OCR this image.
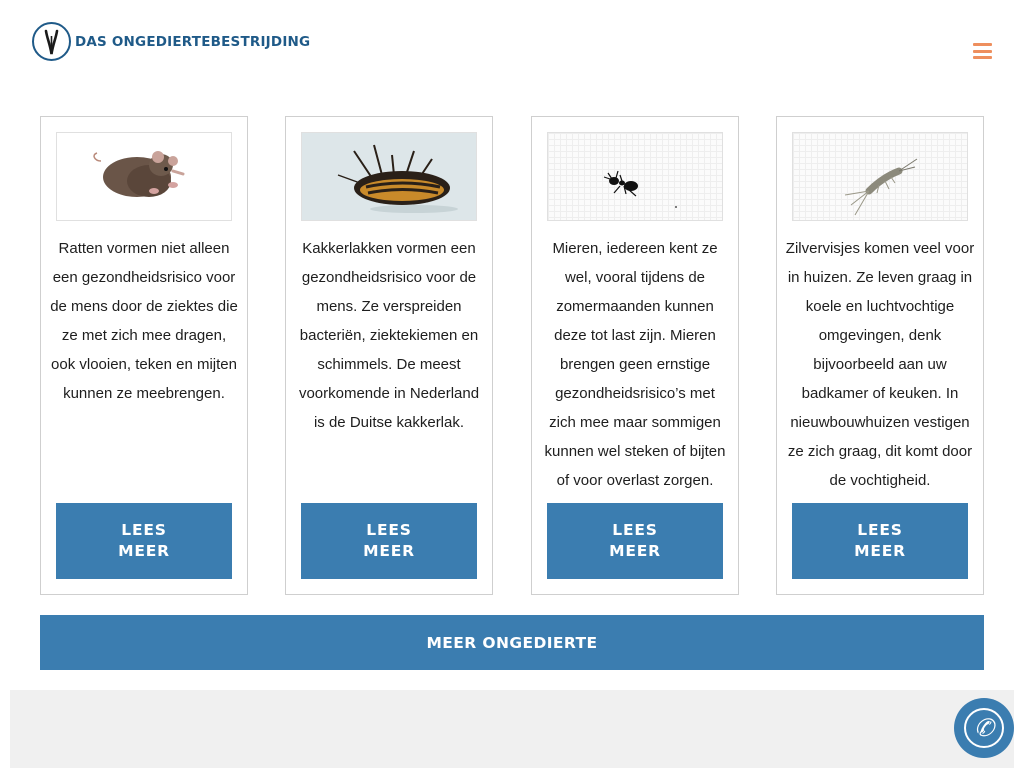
DAS ONGEDIERTEBESTRIJDING
Ratten vormen niet alleen een gezondheidsrisico voor de mens door de ziektes die ze met zich mee dragen, ook vlooien, teken en mijten kunnen ze meebrengen.
LEES MEER
Kakkerlakken vormen een gezondheidsrisico voor de mens. Ze verspreiden bacteriën, ziektekiemen en schimmels. De meest voorkomende in Nederland is de Duitse kakkerlak.
LEES MEER
Mieren, iedereen kent ze wel, vooral tijdens de zomermaanden kunnen deze tot last zijn. Mieren brengen geen ernstige gezondheidsrisico’s met zich mee maar sommigen kunnen wel steken of bijten of voor overlast zorgen.
LEES MEER
Zilvervisjes komen veel voor in huizen. Ze leven graag in koele en luchtvochtige omgevingen, denk bijvoorbeeld aan uw badkamer of keuken. In nieuwbouwhuizen vestigen ze zich graag, dit komt door de vochtigheid.
LEES MEER
MEER ONGEDIERTE
✆
